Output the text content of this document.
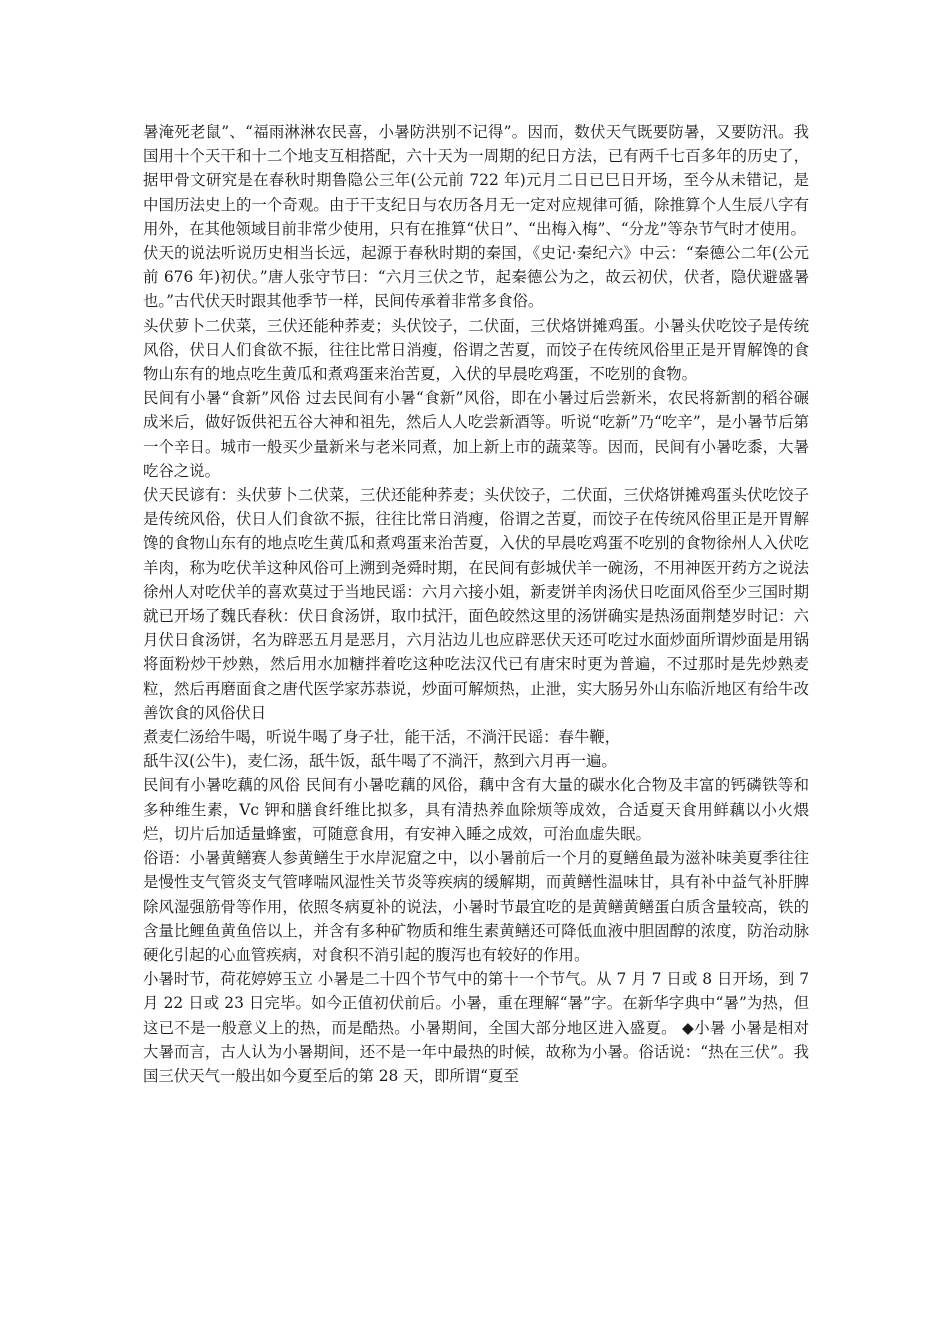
暑淹死老鼠”、“福雨淋淋农民喜，小暑防洪别不记得”。因而，数伏天气既要防暑，又要防汛。我国用十个天干和十二个地支互相搭配，六十天为一周期的纪日方法，已有两千七百多年的历史了，据甲骨文研究是在春秋时期鲁隐公三年(公元前 722 年)元月二日已巳日开场，至今从未错记，是中国历法史上的一个奇观。由于干支纪日与农历各月无一定对应规律可循，除推算个人生辰八字有用外，在其他领域目前非常少使用，只有在推算“伏日”、“出梅入梅”、“分龙”等杂节气时才使用。

伏天的说法听说历史相当长远，起源于春秋时期的秦国，《史记·秦纪六》中云：“秦德公二年(公元前 676 年)初伏。”唐人张守节曰：“六月三伏之节，起秦德公为之，故云初伏，伏者，隐伏避盛暑也。”古代伏天时跟其他季节一样，民间传承着非常多食俗。

头伏萝卜二伏菜，三伏还能种荞麦；头伏饺子，二伏面，三伏烙饼摊鸡蛋。小暑头伏吃饺子是传统风俗，伏日人们食欲不振，往往比常日消瘦，俗谓之苦夏，而饺子在传统风俗里正是开胃解馋的食物山东有的地点吃生黄瓜和煮鸡蛋来治苦夏，入伏的早晨吃鸡蛋，不吃别的食物。

民间有小暑“食新”风俗 过去民间有小暑“食新”风俗，即在小暑过后尝新米，农民将新割的稻谷碾成米后，做好饭供祀五谷大神和祖先，然后人人吃尝新酒等。听说“吃新”乃“吃辛”，是小暑节后第一个辛日。城市一般买少量新米与老米同煮，加上新上市的蔬菜等。因而，民间有小暑吃黍，大暑吃谷之说。

伏天民谚有：头伏萝卜二伏菜，三伏还能种荞麦；头伏饺子，二伏面，三伏烙饼摊鸡蛋头伏吃饺子是传统风俗，伏日人们食欲不振，往往比常日消瘦，俗谓之苦夏，而饺子在传统风俗里正是开胃解馋的食物山东有的地点吃生黄瓜和煮鸡蛋来治苦夏，入伏的早晨吃鸡蛋不吃别的食物徐州人入伏吃羊肉，称为吃伏羊这种风俗可上溯到尧舜时期，在民间有彭城伏羊一碗汤，不用神医开药方之说法徐州人对吃伏羊的喜欢莫过于当地民谣：六月六接小姐，新麦饼羊肉汤伏日吃面风俗至少三国时期就已开场了魏氏春秋：伏日食汤饼，取巾拭汗，面色皎然这里的汤饼确实是热汤面荆楚岁时记：六月伏日食汤饼，名为辟恶五月是恶月，六月沾边儿也应辟恶伏天还可吃过水面炒面所谓炒面是用锅将面粉炒干炒熟，然后用水加糖拌着吃这种吃法汉代已有唐宋时更为普遍，不过那时是先炒熟麦粒，然后再磨面食之唐代医学家苏恭说，炒面可解烦热，止泄，实大肠另外山东临沂地区有给牛改善饮食的风俗伏日

煮麦仁汤给牛喝，听说牛喝了身子壮，能干活，不淌汗民谣：春牛鞭，

舐牛汉(公牛)，麦仁汤，舐牛饭，舐牛喝了不淌汗，熬到六月再一遍。

民间有小暑吃藕的风俗 民间有小暑吃藕的风俗，藕中含有大量的碳水化合物及丰富的钙磷铁等和多种维生素，Vc 钾和膳食纤维比拟多，具有清热养血除烦等成效，合适夏天食用鲜藕以小火煨烂，切片后加适量蜂蜜，可随意食用，有安神入睡之成效，可治血虚失眠。

俗语：小暑黄鳝赛人参黄鳝生于水岸泥窟之中，以小暑前后一个月的夏鳝鱼最为滋补味美夏季往往是慢性支气管炎支气管哮喘风湿性关节炎等疾病的缓解期，而黄鳝性温味甘，具有补中益气补肝脾除风湿强筋骨等作用，依照冬病夏补的说法，小暑时节最宜吃的是黄鳝黄鳝蛋白质含量较高，铁的含量比鲤鱼黄鱼倍以上，并含有多种矿物质和维生素黄鳝还可降低血液中胆固醇的浓度，防治动脉硬化引起的心血管疾病，对食积不消引起的腹泻也有较好的作用。

小暑时节，荷花婷婷玉立 小暑是二十四个节气中的第十一个节气。从 7 月 7 日或 8 日开场，到 7 月 22 日或 23 日完毕。如今正值初伏前后。小暑，重在理解“暑”字。在新华字典中“暑”为热，但这已不是一般意义上的热，而是酷热。小暑期间，全国大部分地区进入盛夏。 ◆小暑 小暑是相对大暑而言，古人认为小暑期间，还不是一年中最热的时候，故称为小暑。俗话说：“热在三伏”。我国三伏天气一般出如今夏至后的第 28 天，即所谓“夏至
